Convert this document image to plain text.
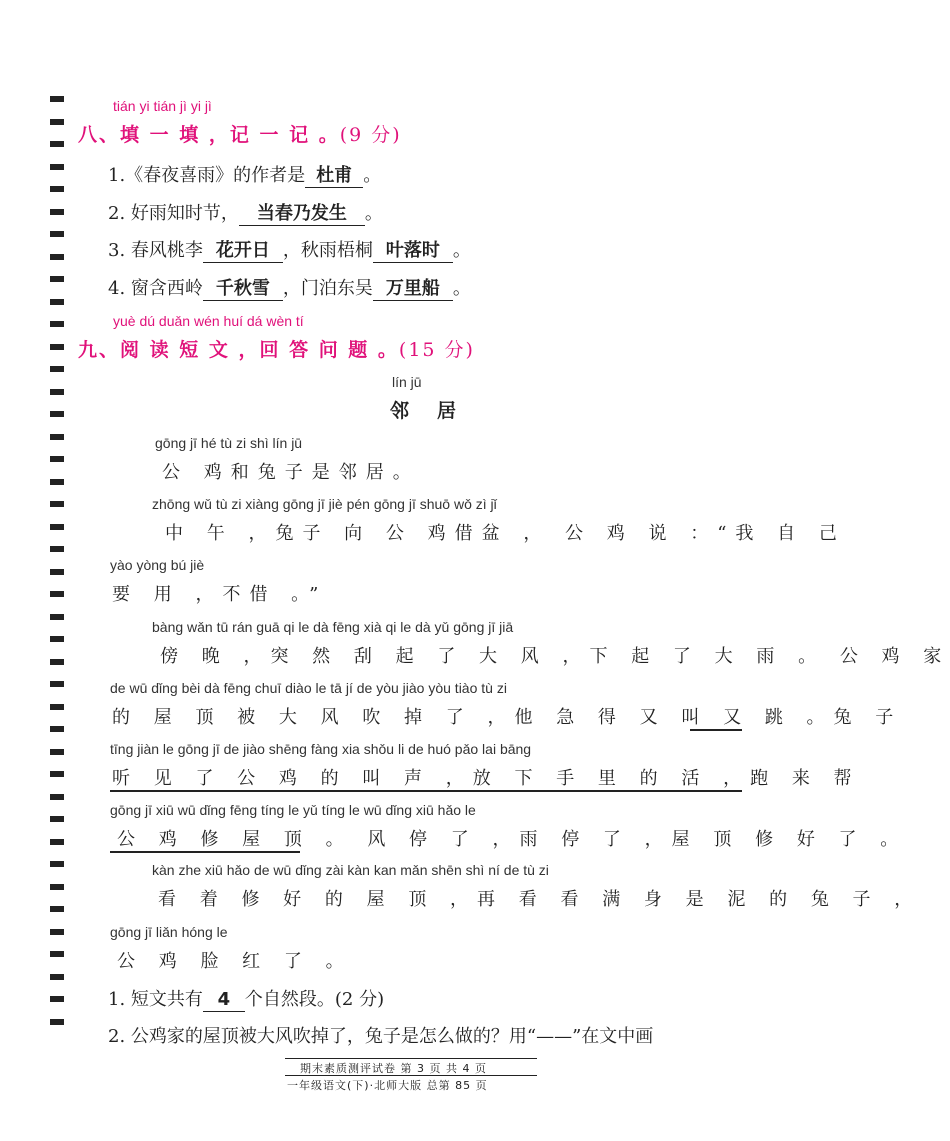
tián yi tián jì yi jì
八、填 一 填 ，记 一 记 。(9 分)
1.《春夜喜雨》的作者是 杜甫 。
2. 好雨知时节， 当春乃发生 。
3. 春风桃李 花开日 ，秋雨梧桐 叶落时 。
4. 窗含西岭 千秋雪 ，门泊东吴 万里船 。
yuè dú duǎn wén huí dá wèn tí
九、阅 读 短 文 ，回 答 问 题 。(15 分)
lín jū
邻居
gōng jī hé tù zi shì lín jū
公 鸡和兔子是邻居。
zhōng wǔ tù zi xiàng gōng jī jiè pén gōng jī shuō wǒ zì jǐ
中 午 ，兔子 向 公 鸡借盆 ， 公 鸡 说 ：“我 自 己
yào yòng bú jiè
要 用 ，不借 。”
bàng wǎn tū rán guā qi le dà fēng xià qi le dà yǔ gōng jī jiā
傍 晚 ，突 然 刮 起 了 大 风 ，下 起 了 大 雨 。 公 鸡 家
de wū dǐng bèi dà fēng chuī diào le tā jí de yòu jiào yòu tiào tù zi
的 屋 顶 被 大 风 吹 掉 了 ，他 急 得 又 叫 又 跳 。兔 子
tīng jiàn le gōng jī de jiào shēng fàng xia shǒu li de huó pǎo lai bāng
听 见 了 公 鸡 的 叫 声 ，放 下 手 里 的 活 ，跑 来 帮
gōng jī xiū wū dǐng fēng tíng le yǔ tíng le wū dǐng xiū hǎo le
公 鸡 修 屋 顶 。 风 停 了 ，雨 停 了 ，屋 顶 修 好 了 。
kàn zhe xiū hǎo de wū dǐng zài kàn kan mǎn shēn shì ní de tù zi
看 着 修 好 的 屋 顶 ，再 看 看 满 身 是 泥 的 兔 子 ，
gōng jī liǎn hóng le
公 鸡 脸 红 了 。
1. 短文共有 4 个自然段。(2 分)
2. 公鸡家的屋顶被大风吹掉了，兔子是怎么做的？用“——”在文中画
期末素质测评试卷 第 3 页 共 4 页
一年级语文(下)·北师大版 总第 85 页
